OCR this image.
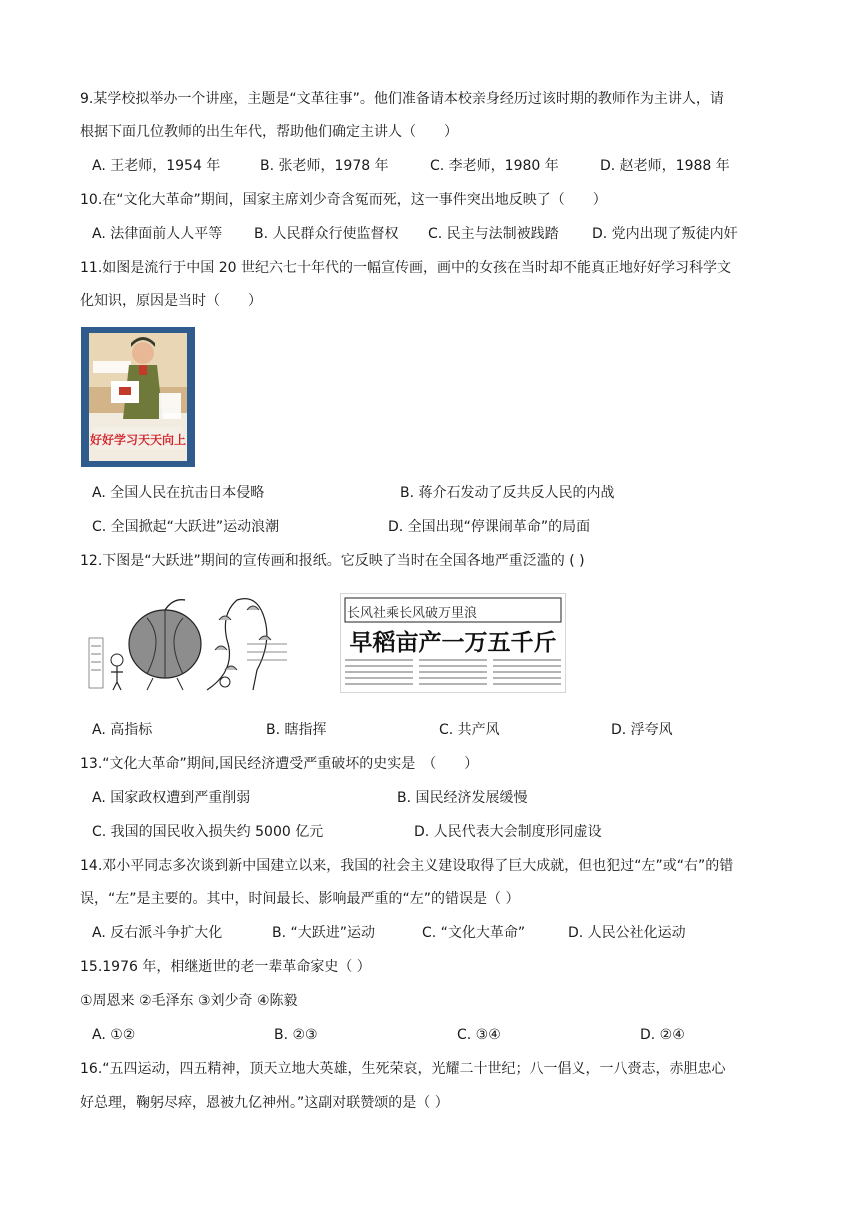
9.某学校拟举办一个讲座，主题是“文革往事”。他们准备请本校亲身经历过该时期的教师作为主讲人，请
根据下面几位教师的出生年代，帮助他们确定主讲人（　　）
A. 王老师，1954 年	B. 张老师，1978 年	C. 李老师，1980 年	D. 赵老师，1988 年
10.在“文化大革命”期间，国家主席刘少奇含冤而死，这一事件突出地反映了（　　）
A. 法律面前人人平等 B. 人民群众行使监督权 C. 民主与法制被践踏 D. 党内出现了叛徒内奸
11.如图是流行于中国 20 世纪六七十年代的一幅宣传画，画中的女孩在当时却不能真正地好好学习科学文
化知识，原因是当时（　　）
好好学习天天向上
A. 全国人民在抗击日本侵略	B. 蒋介石发动了反共反人民的内战
C. 全国掀起“大跃进”运动浪潮	D. 全国出现“停课闹革命”的局面
12.下图是“大跃进”期间的宣传画和报纸。它反映了当时在全国各地严重泛滥的 ( )
长风社乘长风破万里浪
早稻亩产一万五千斤
A. 高指标	B. 瞎指挥	C. 共产风	D. 浮夸风
13.“文化大革命”期间,国民经济遭受严重破坏的史实是　（　　）
A. 国家政权遭到严重削弱	B. 国民经济发展缓慢
C. 我国的国民收入损失约 5000 亿元	D. 人民代表大会制度形同虚设
14.邓小平同志多次谈到新中国建立以来，我国的社会主义建设取得了巨大成就，但也犯过“左”或“右”的错
误，“左”是主要的。其中，时间最长、影响最严重的“左”的错误是（ ）
A. 反右派斗争扩大化	B. “大跃进”运动	C. “文化大革命”	D. 人民公社化运动
15.1976 年，相继逝世的老一辈革命家史（ ）
①周恩来 ②毛泽东 ③刘少奇 ④陈毅
A. ①②	B. ②③	C. ③④	D. ②④
16.“五四运动，四五精神，顶天立地大英雄，生死荣哀，光耀二十世纪；八一倡义，一八赍志，赤胆忠心
好总理，鞠躬尽瘁，恩被九亿神州。”这副对联赞颂的是（ ）
